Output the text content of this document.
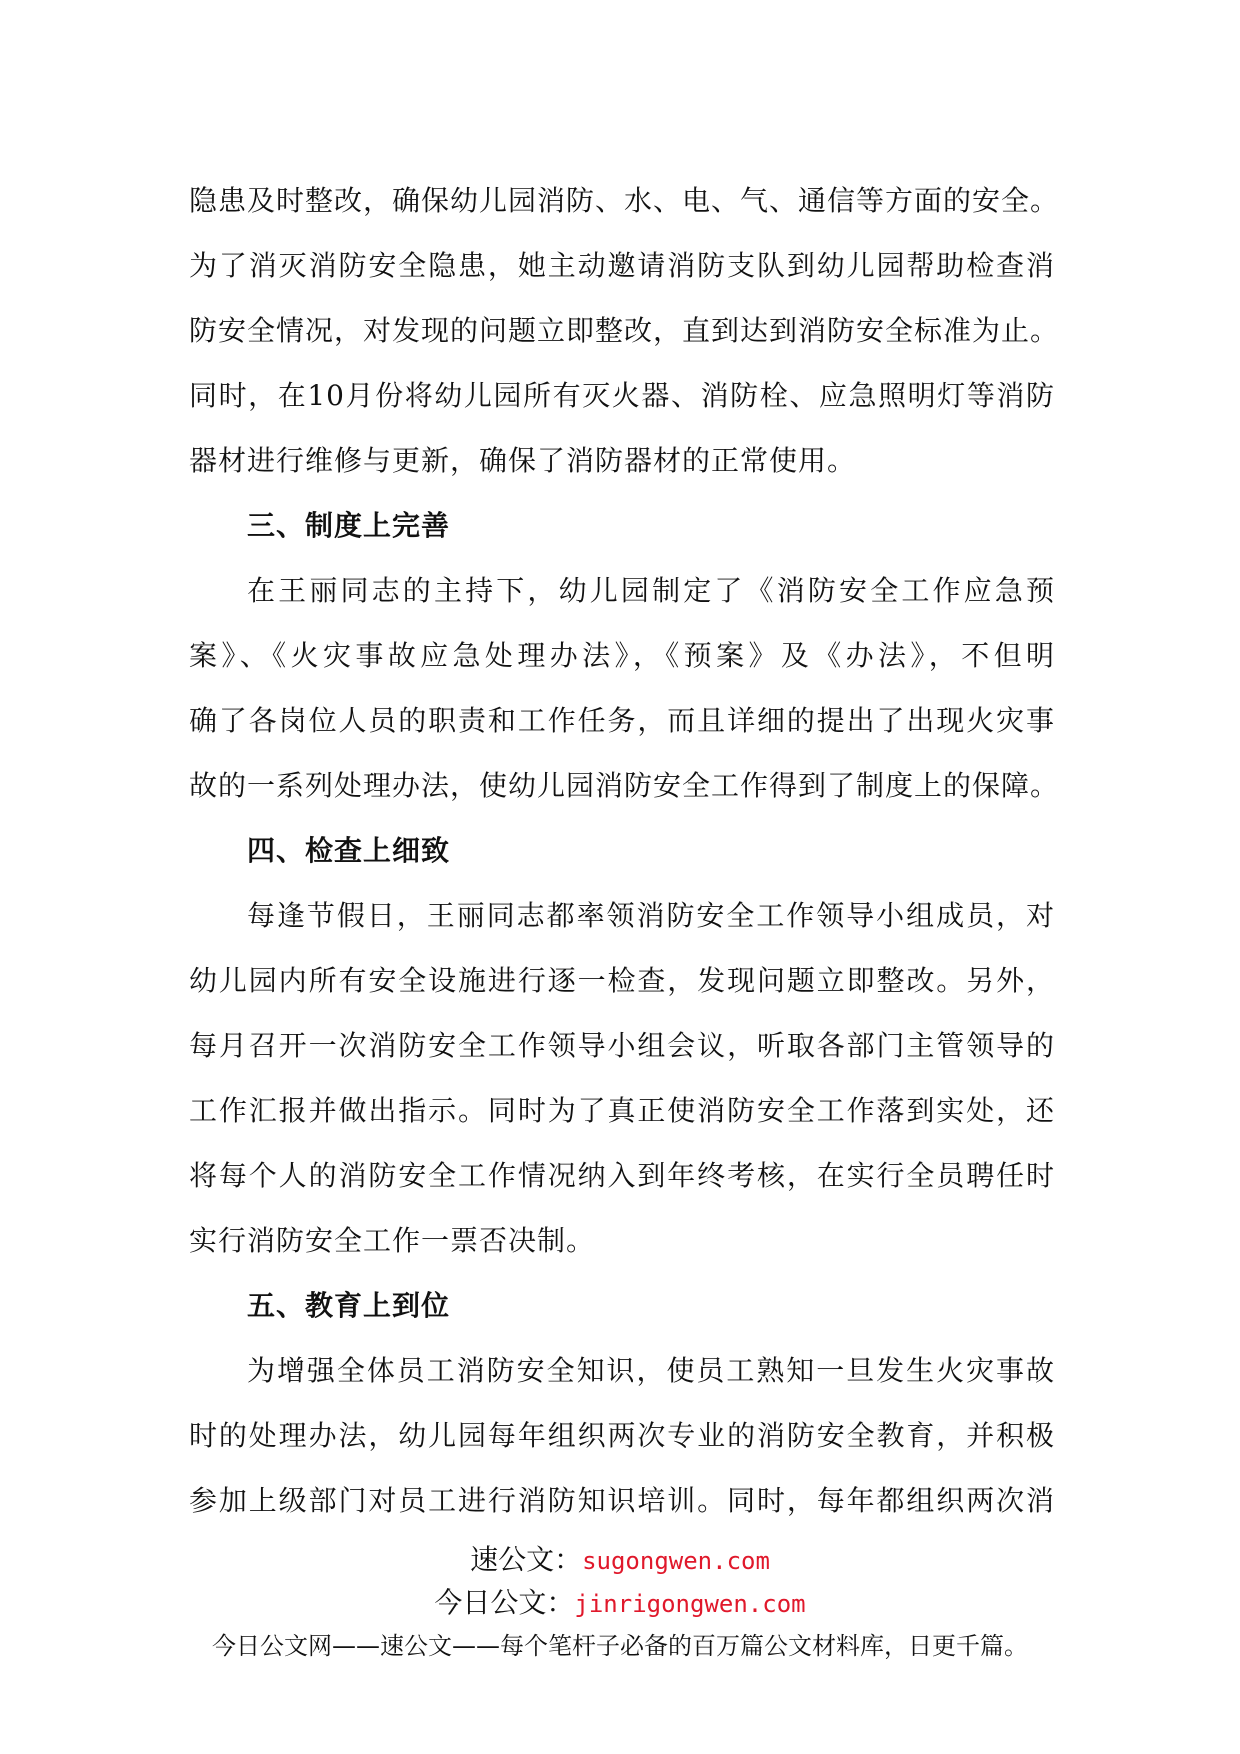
隐患及时整改，确保幼儿园消防、水、电、气、通信等方面的安全。
为了消灭消防安全隐患，她主动邀请消防支队到幼儿园帮助检查消
防安全情况，对发现的问题立即整改，直到达到消防安全标准为止。
同时，在10月份将幼儿园所有灭火器、消防栓、应急照明灯等消防
器材进行维修与更新，确保了消防器材的正常使用。
三、制度上完善
在王丽同志的主持下，幼儿园制定了《消防安全工作应急预
案》、《火灾事故应急处理办法》，《预案》及《办法》，不但明
确了各岗位人员的职责和工作任务，而且详细的提出了出现火灾事
故的一系列处理办法，使幼儿园消防安全工作得到了制度上的保障。
四、检查上细致
每逢节假日，王丽同志都率领消防安全工作领导小组成员，对
幼儿园内所有安全设施进行逐一检查，发现问题立即整改。另外，
每月召开一次消防安全工作领导小组会议，听取各部门主管领导的
工作汇报并做出指示。同时为了真正使消防安全工作落到实处，还
将每个人的消防安全工作情况纳入到年终考核，在实行全员聘任时
实行消防安全工作一票否决制。
五、教育上到位
为增强全体员工消防安全知识，使员工熟知一旦发生火灾事故
时的处理办法，幼儿园每年组织两次专业的消防安全教育，并积极
参加上级部门对员工进行消防知识培训。同时，每年都组织两次消
速公文：sugongwen.com
今日公文：jinrigongwen.com
今日公文网——速公文——每个笔杆子必备的百万篇公文材料库，日更千篇。
